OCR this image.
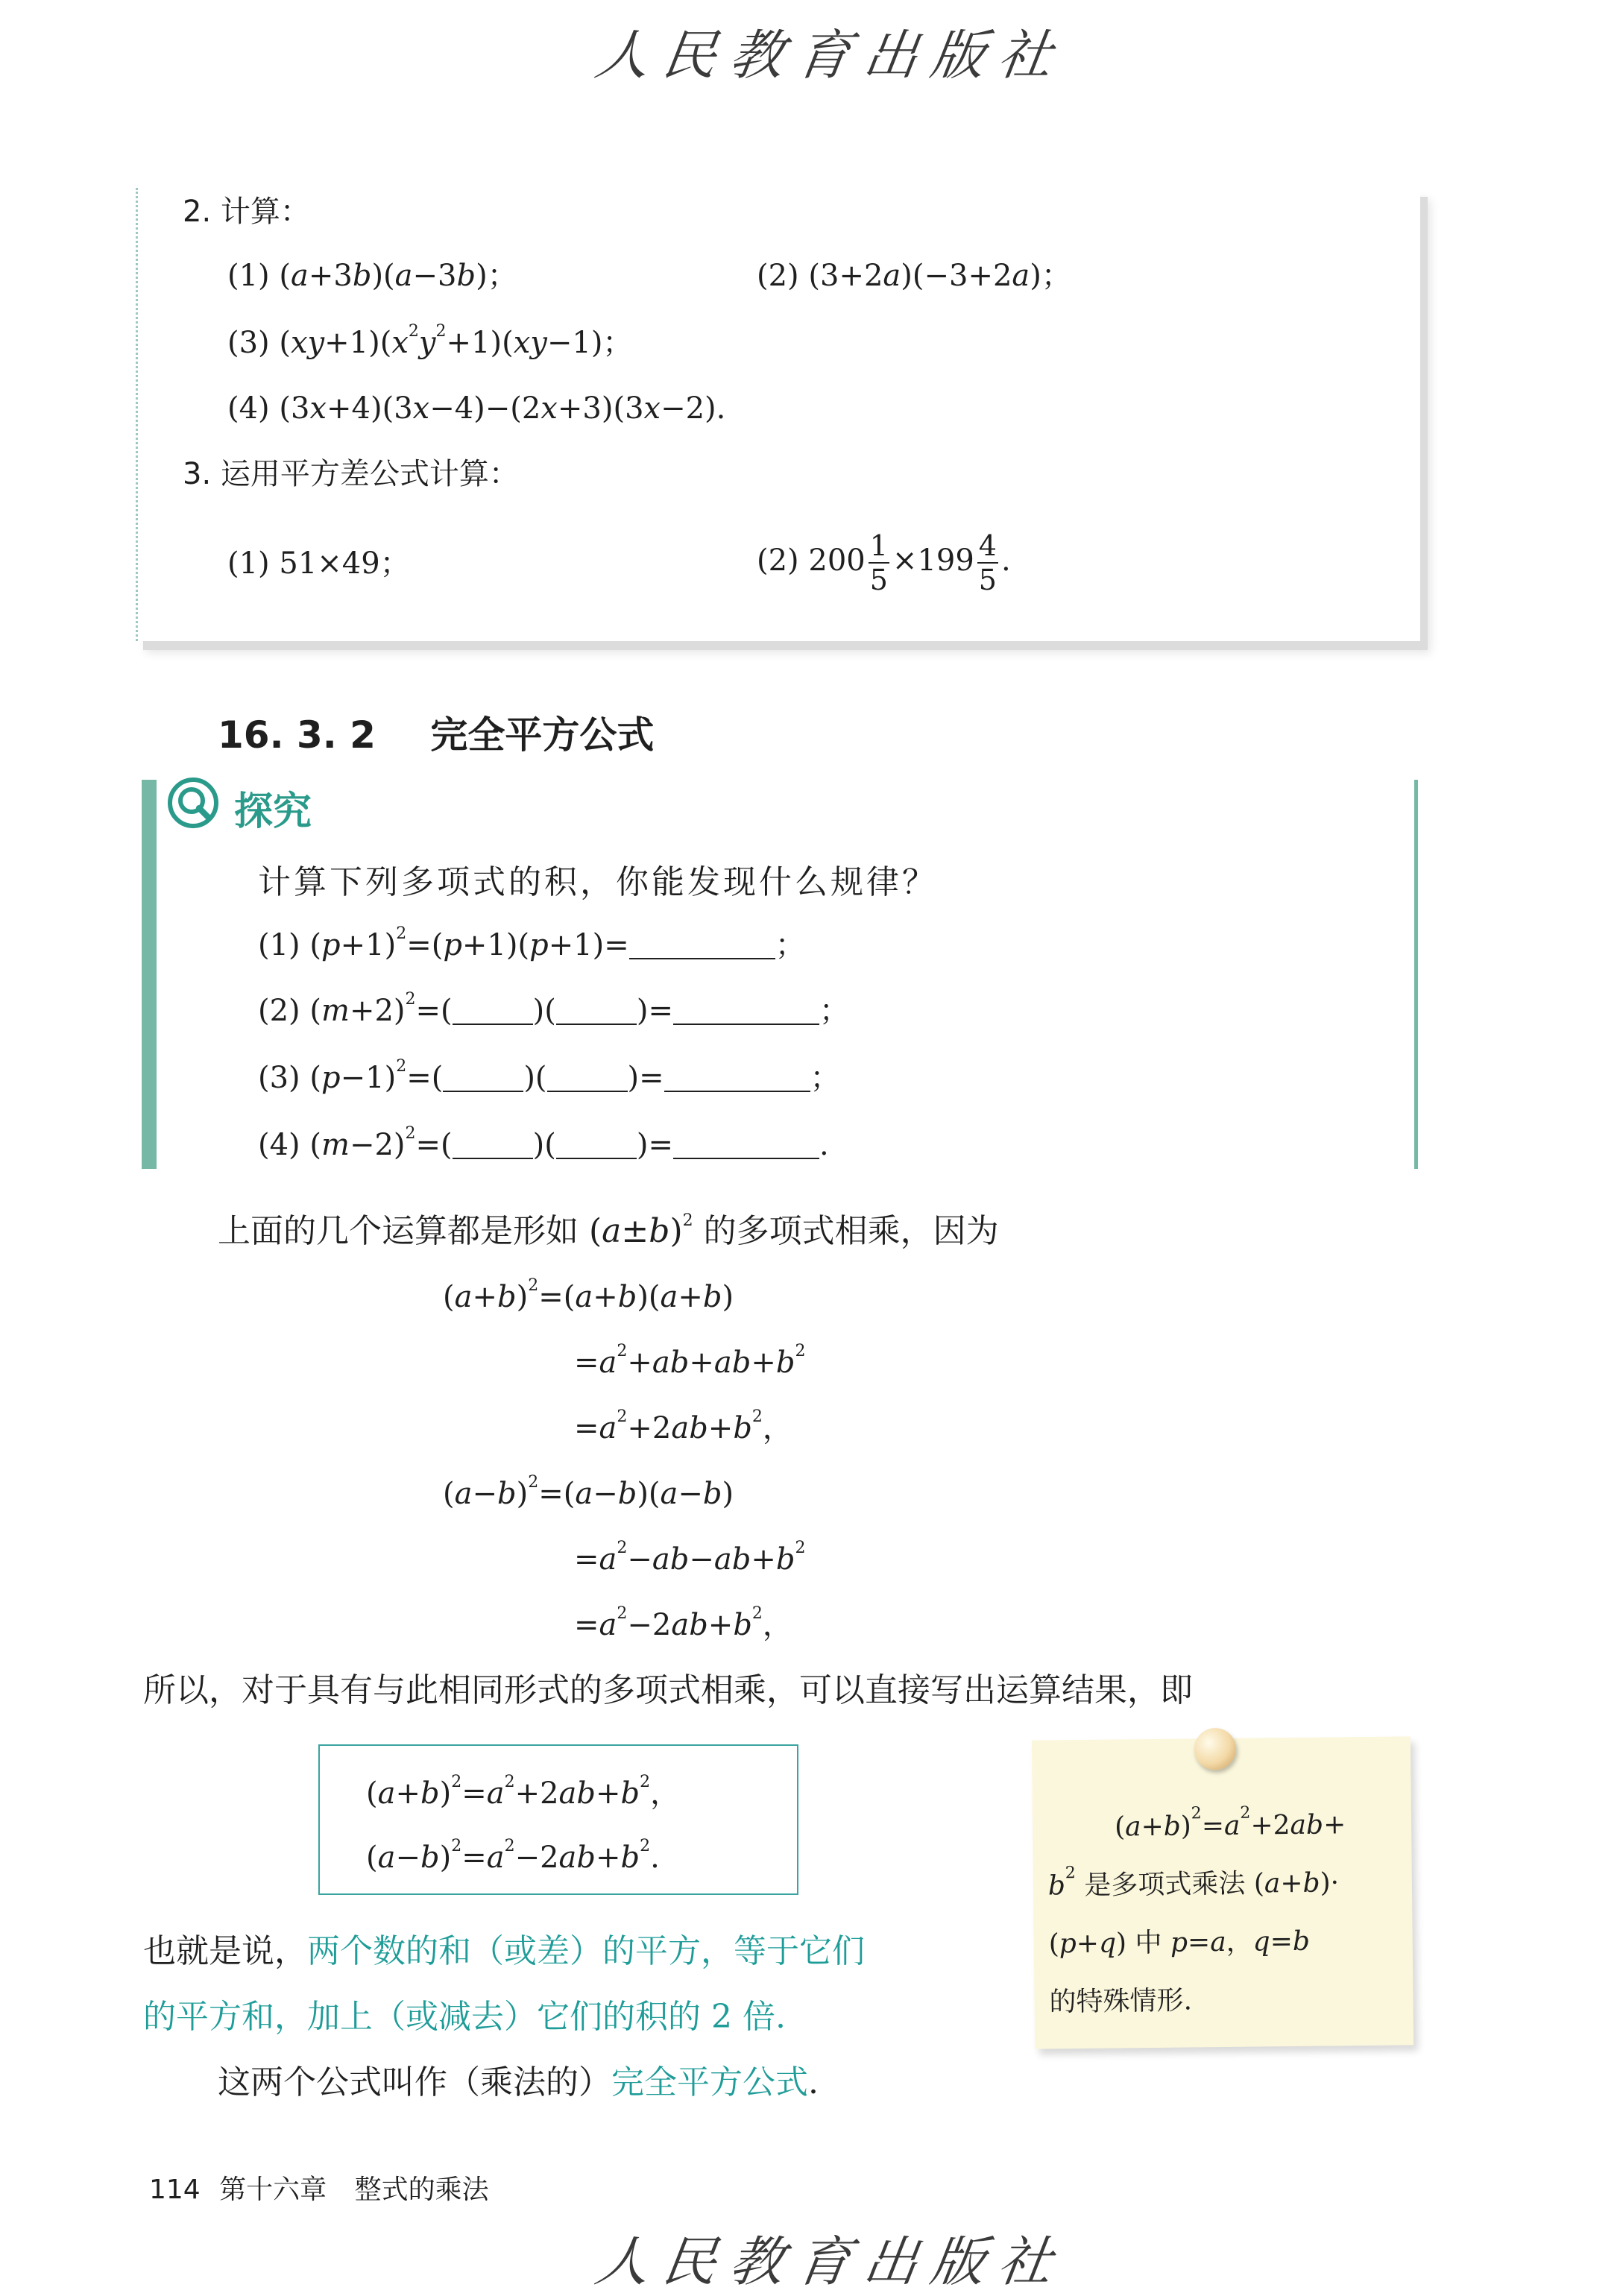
人民教育出版社
2. 计算：
(1) (a+3b)(a−3b)；	(2) (3+2a)(−3+2a)；
(3) $(xy+1)(x^2y^2+1)(xy-1)$；
(4) (3x+4)(3x−4)−(2x+3)(3x−2).
3. 运用平方差公式计算：
(1) 51×49；	(2) $200 \frac{1}{5} \times 199 \frac{4}{5}$ .
16. 3. 2 完全平方公式
探究
计算下列多项式的积，你能发现什么规律？
(1) $(p+1)^2=(p+1)(p+1)=$	；
(2) $(m+2)^2=$(	)(	)=	；
(3) $(p-1)^2=$(	)(	)=	；
(4) $(m-2)^2=$(	)(	)=	.
上面的几个运算都是形如 $(a\pm b)^2$ 的多项式相乘，因为
$(a+b)^2=(a+b)(a+b)$
$=a^2+ab+ab+b^2$
$=a^2+2ab+b^2$，
$(a-b)^2=(a-b)(a-b)$
$=a^2-ab-ab+b^2$
$=a^2-2ab+b^2$，
所以，对于具有与此相同形式的多项式相乘，可以直接写出运算结果，即
$(a+b)^2=a^2+2ab+b^2$，
$(a-b)^2=a^2-2ab+b^2$.
也就是说，两个数的和（或差）的平方，等于它们
的平方和，加上（或减去）它们的积的 2 倍.
这两个公式叫作（乘法的）完全平方公式.
$(a+b)^2=a^2+2ab+$
$b^2$ 是多项式乘法 (a+b)·
(p+q) 中 p=a，q=b
的特殊情形.
114 第十六章 整式的乘法
人民教育出版社
